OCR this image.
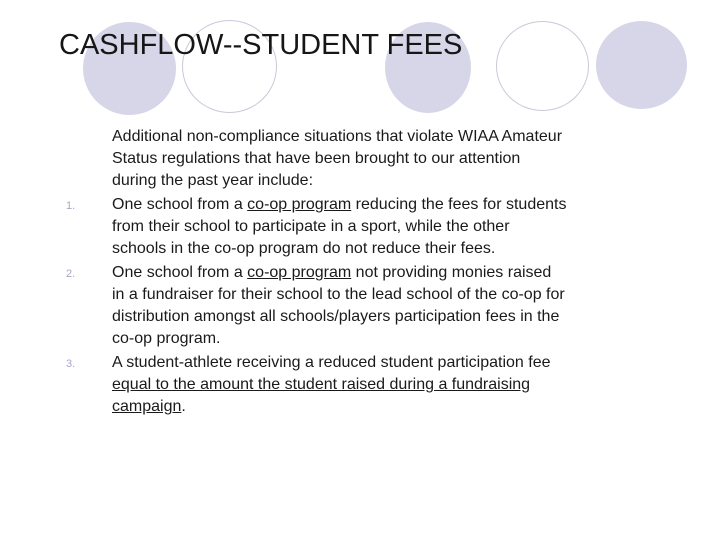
CASHFLOW--STUDENT FEES
Additional non-compliance situations that violate WIAA Amateur
Status regulations that have been brought to our attention
during the past year include:
1.	One school from a co-op program reducing the fees for students
from their school to participate in a sport, while the other
schools in the co-op program do not reduce their fees.
2.	One school from a co-op program not providing monies raised
in a fundraiser for their school to the lead school of the co-op for
distribution amongst all schools/players participation fees in the
co-op program.
3.	A student-athlete receiving a reduced student participation fee
equal to the amount the student raised during a fundraising
campaign.
